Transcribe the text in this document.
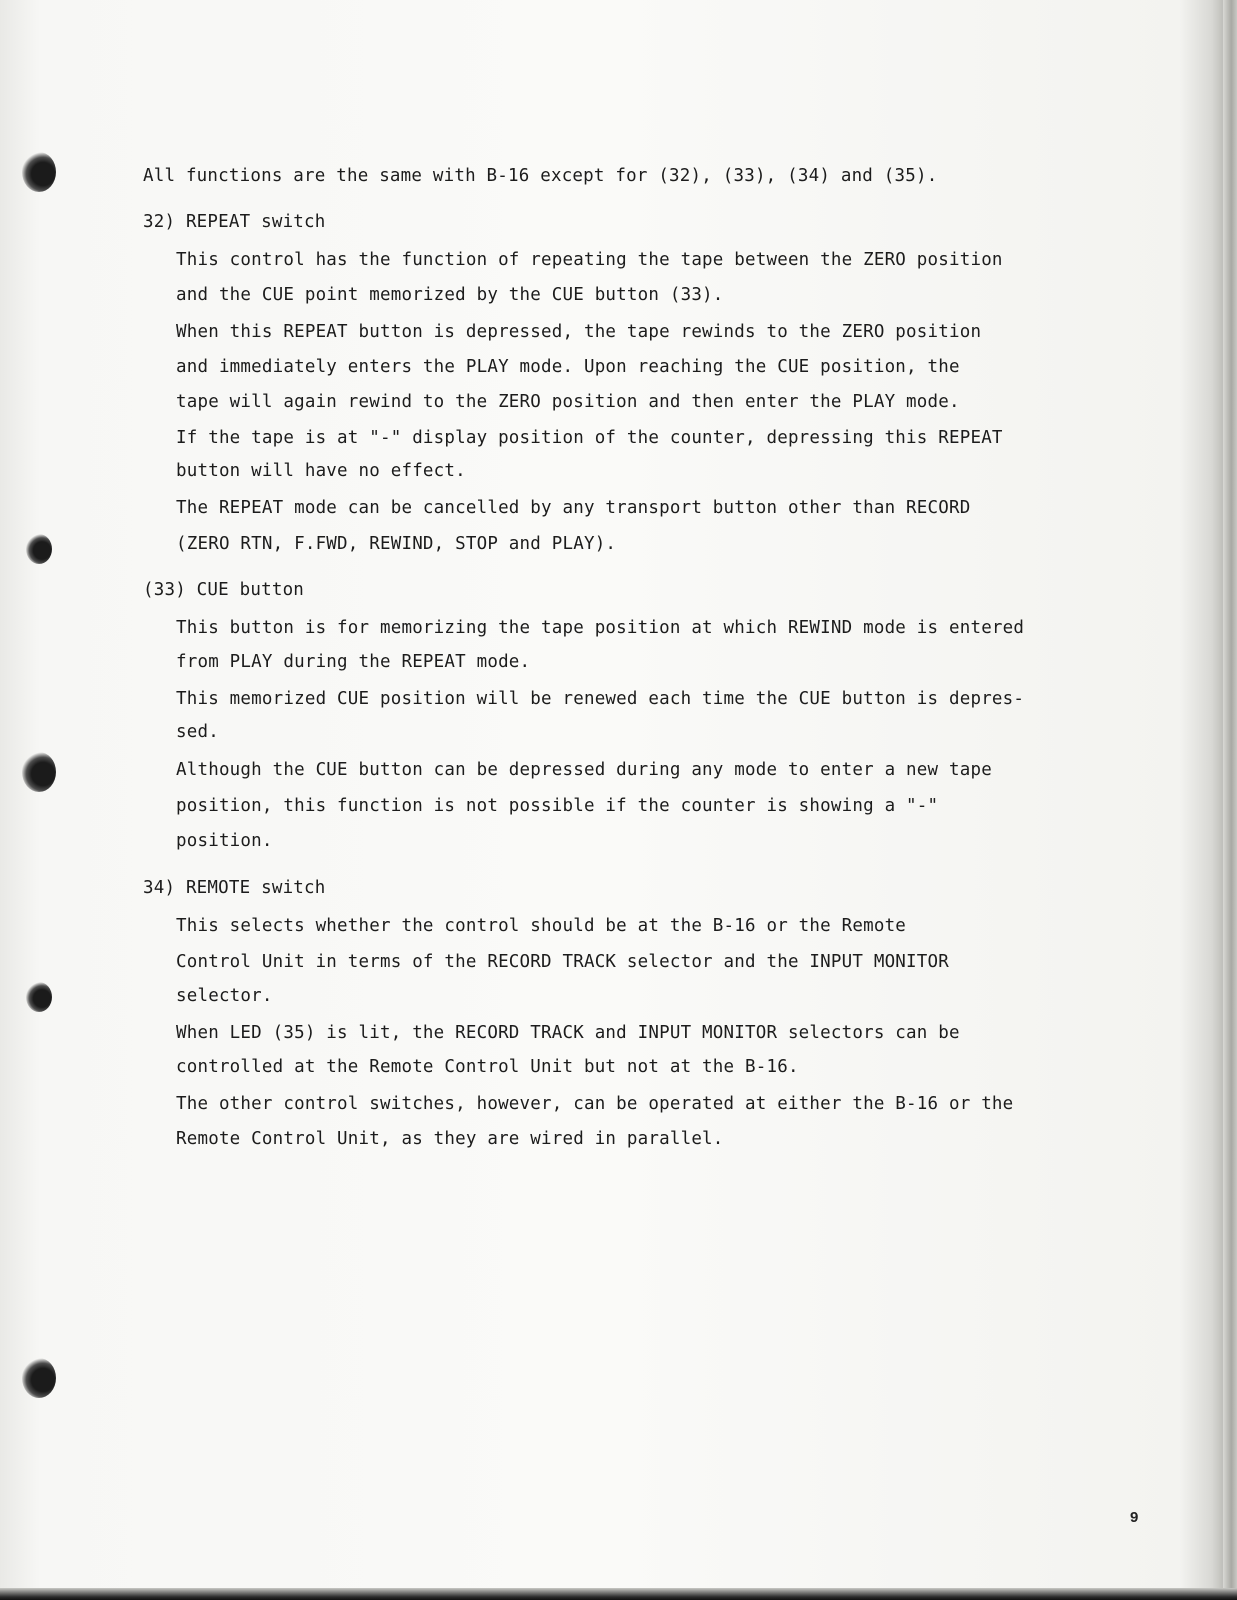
All functions are the same with B-16 except for (32), (33), (34) and (35).
32) REPEAT switch
This control has the function of repeating the tape between the ZERO position
and the CUE point memorized by the CUE button (33).
When this REPEAT button is depressed, the tape rewinds to the ZERO position
and immediately enters the PLAY mode. Upon reaching the CUE position, the
tape will again rewind to the ZERO position and then enter the PLAY mode.
If the tape is at "-" display position of the counter, depressing this REPEAT
button will have no effect.
The REPEAT mode can be cancelled by any transport button other than RECORD
(ZERO RTN, F.FWD, REWIND, STOP and PLAY).
(33) CUE button
This button is for memorizing the tape position at which REWIND mode is entered
from PLAY during the REPEAT mode.
This memorized CUE position will be renewed each time the CUE button is depres-
sed.
Although the CUE button can be depressed during any mode to enter a new tape
position, this function is not possible if the counter is showing a "-"
position.
34) REMOTE switch
This selects whether the control should be at the B-16 or the Remote
Control Unit in terms of the RECORD TRACK selector and the INPUT MONITOR
selector.
When LED (35) is lit, the RECORD TRACK and INPUT MONITOR selectors can be
controlled at the Remote Control Unit but not at the B-16.
The other control switches, however, can be operated at either the B-16 or the
Remote Control Unit, as they are wired in parallel.
9
